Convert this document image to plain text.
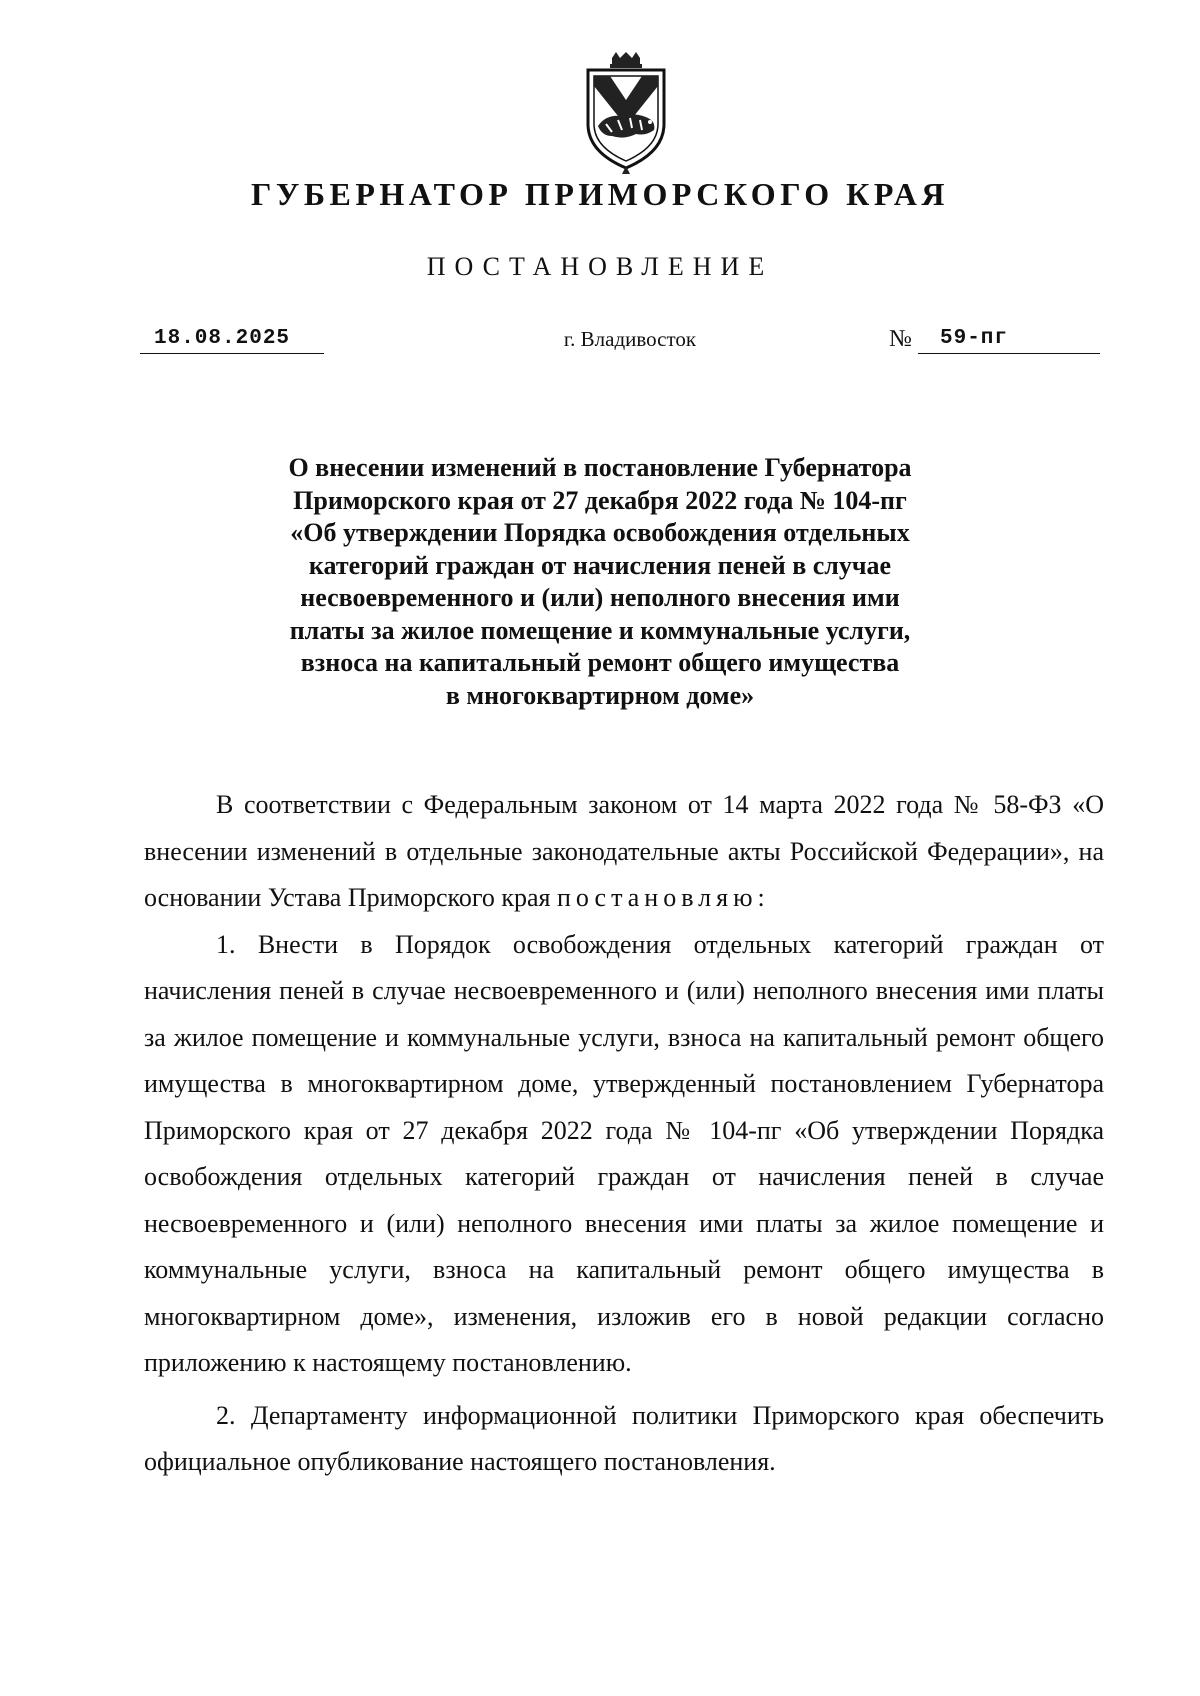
ГУБЕРНАТОР ПРИМОРСКОГО КРАЯ
ПОСТАНОВЛЕНИЕ
18.08.2025	г. Владивосток	№	59-пг
О внесении изменений в постановление Губернатора
Приморского края от 27 декабря 2022 года № 104-пг
«Об утверждении Порядка освобождения отдельных
категорий граждан от начисления пеней в случае
несвоевременного и (или) неполного внесения ими
платы за жилое помещение и коммунальные услуги,
взноса на капитальный ремонт общего имущества
в многоквартирном доме»

В соответствии с Федеральным законом от 14 марта 2022 года № 58-ФЗ «О внесении изменений в отдельные законодательные акты Российской Федерации», на основании Устава Приморского края постановляю:

1. Внести в Порядок освобождения отдельных категорий граждан от начисления пеней в случае несвоевременного и (или) неполного внесения ими платы за жилое помещение и коммунальные услуги, взноса на капитальный ремонт общего имущества в многоквартирном доме, утвержденный постановлением Губернатора Приморского края от 27 декабря 2022 года № 104-пг «Об утверждении Порядка освобождения отдельных категорий граждан от начисления пеней в случае несвоевременного и (или) неполного внесения ими платы за жилое помещение и коммунальные услуги, взноса на капитальный ремонт общего имущества в многоквартирном доме», изменения, изложив его в новой редакции согласно приложению к настоящему постановлению.

2. Департаменту информационной политики Приморского края обеспечить официальное опубликование настоящего постановления.
